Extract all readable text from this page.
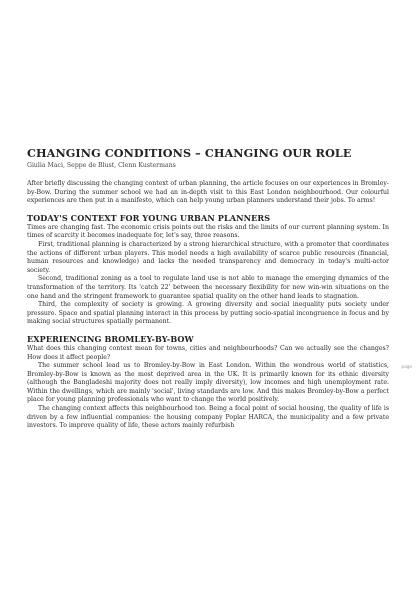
CHANGING CONDITIONS – CHANGING OUR ROLE

Giulia Maci, Seppe de Blust, Clenn Kustermans

After briefly discussing the changing context of urban planning, the article focuses on our experiences in Bromley-by-Bow. During the summer school we had an in-depth visit to this East London neighbourhood. Our colourful experiences are then put in a manifesto, which can help young urban planners understand their jobs. To arms!

TODAY'S CONTEXT FOR YOUNG URBAN PLANNERS

Times are changing fast. The economic crisis points out the risks and the limits of our current planning system. In times of scarcity it becomes inadequate for, let's say, three reasons.

First, traditional planning is characterized by a strong hierarchical structure, with a promoter that coordinates the actions of different urban players. This model needs a high availability of scarce public resources (financial, human resources and knowledge) and lacks the needed transparency and democracy in today's multi-actor society.

Second, traditional zoning as a tool to regulate land use is not able to manage the emerging dynamics of the transformation of the territory. Its 'catch 22' between the necessary flexibility for new win-win situations on the one hand and the stringent framework to guarantee spatial quality on the other hand leads to stagnation.

Third, the complexity of society is growing. A growing diversity and social inequality puts society under pressure. Space and spatial planning interact in this process by putting socio-spatial incongruence in focus and by making social structures spatially permanent.

EXPERIENCING BROMLEY-BY-BOW

What does this changing context mean for towns, cities and neighbourhoods? Can we actually see the changes? How does it affect people?

The summer school lead us to Bromley-by-Bow in East London. Within the wondrous world of statistics, Bromley-by-Bow is known as the most deprived area in the UK. It is primarily known for its ethnic diversity (although the Bangladeshi majority does not really imply diversity), low incomes and high unemployment rate. Within the dwellings, which are mainly 'social', living standards are low. And this makes Bromley-by-Bow a perfect place for young planning professionals who want to change the world positively.

The changing context affects this neighbourhood too. Being a focal point of social housing, the quality of life is driven by a few influential companies: the housing company Poplar HARCA, the municipality and a few private investors. To improve quality of life, these actors mainly refurbish

page
